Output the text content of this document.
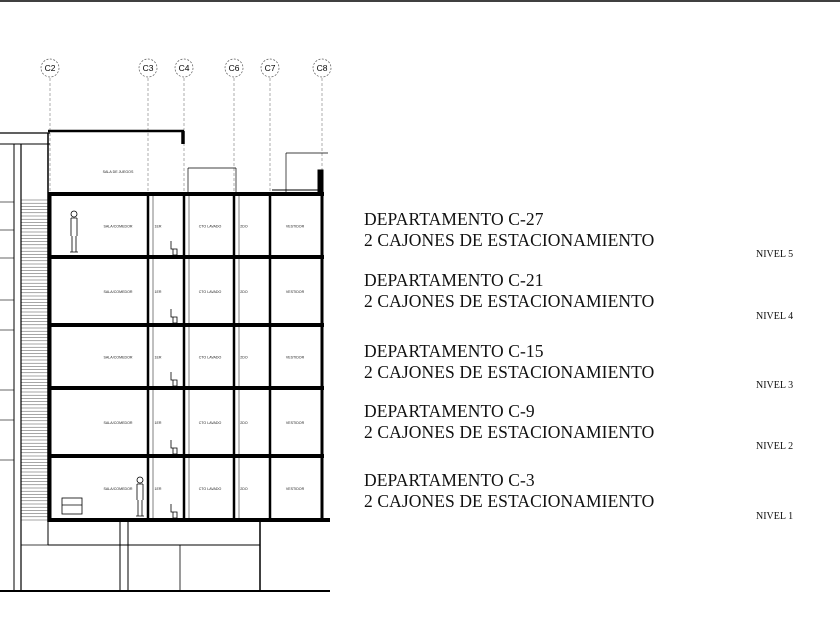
C2	C3	C4	C6	C7	C8
SALA DE JUEGOS
SALA/COMEDOR	1ER	CTO LAVADO	2DO	VESTIDOR
SALA/COMEDOR	1ER	CTO LAVADO	2DO	VESTIDOR
SALA/COMEDOR	1ER	CTO LAVADO	2DO	VESTIDOR
SALA/COMEDOR	1ER	CTO LAVADO	2DO	VESTIDOR
SALA/COMEDOR	1ER	CTO LAVADO	2DO	VESTIDOR
DEPARTAMENTO C-27
2 CAJONES DE ESTACIONAMIENTO
NIVEL 5
DEPARTAMENTO C-21
2 CAJONES DE ESTACIONAMIENTO
NIVEL 4
DEPARTAMENTO C-15
2 CAJONES DE ESTACIONAMIENTO
NIVEL 3
DEPARTAMENTO C-9
2 CAJONES DE ESTACIONAMIENTO
NIVEL 2
DEPARTAMENTO C-3
2 CAJONES DE ESTACIONAMIENTO
NIVEL 1
